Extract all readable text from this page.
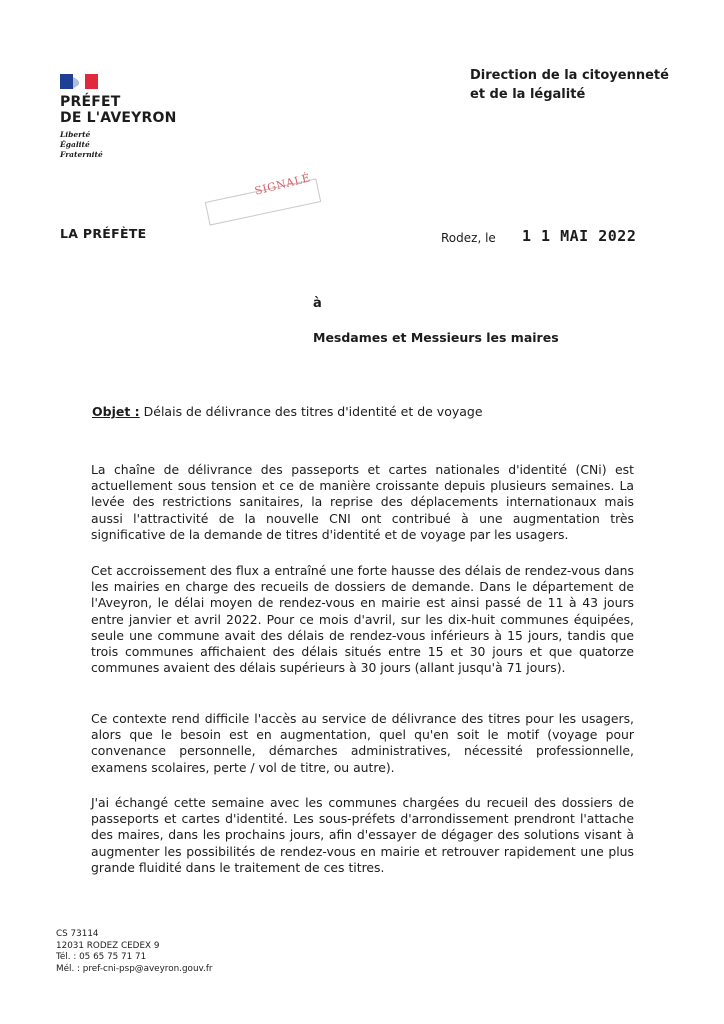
PRÉFET
DE L'AVEYRON
Liberté
Égalité
Fraternité
Direction de la citoyenneté
et de la légalité
SIGNALÉ
LA PRÉFÈTE	Rodez, le 1 1 MAI 2022
à
Mesdames et Messieurs les maires
Objet : Délais de délivrance des titres d'identité et de voyage
La chaîne de délivrance des passeports et cartes nationales d'identité (CNi) est actuellement sous tension et ce de manière croissante depuis plusieurs semaines. La levée des restrictions sanitaires, la reprise des déplacements internationaux mais aussi l'attractivité de la nouvelle CNI ont contribué à une augmentation très significative de la demande de titres d'identité et de voyage par les usagers.
Cet accroissement des flux a entraîné une forte hausse des délais de rendez-vous dans les mairies en charge des recueils de dossiers de demande. Dans le département de l'Aveyron, le délai moyen de rendez-vous en mairie est ainsi passé de 11 à 43 jours entre janvier et avril 2022. Pour ce mois d'avril, sur les dix-huit communes équipées, seule une commune avait des délais de rendez-vous inférieurs à 15 jours, tandis que trois communes affichaient des délais situés entre 15 et 30 jours et que quatorze communes avaient des délais supérieurs à 30 jours (allant jusqu'à 71 jours).
Ce contexte rend difficile l'accès au service de délivrance des titres pour les usagers, alors que le besoin est en augmentation, quel qu'en soit le motif (voyage pour convenance personnelle, démarches administratives, nécessité professionnelle, examens scolaires, perte / vol de titre, ou autre).
J'ai échangé cette semaine avec les communes chargées du recueil des dossiers de passeports et cartes d'identité. Les sous-préfets d'arrondissement prendront l'attache des maires, dans les prochains jours, afin d'essayer de dégager des solutions visant à augmenter les possibilités de rendez-vous en mairie et retrouver rapidement une plus grande fluidité dans le traitement de ces titres.
CS 73114
12031 RODEZ CEDEX 9
Tél. : 05 65 75 71 71
Mél. : pref-cni-psp@aveyron.gouv.fr
